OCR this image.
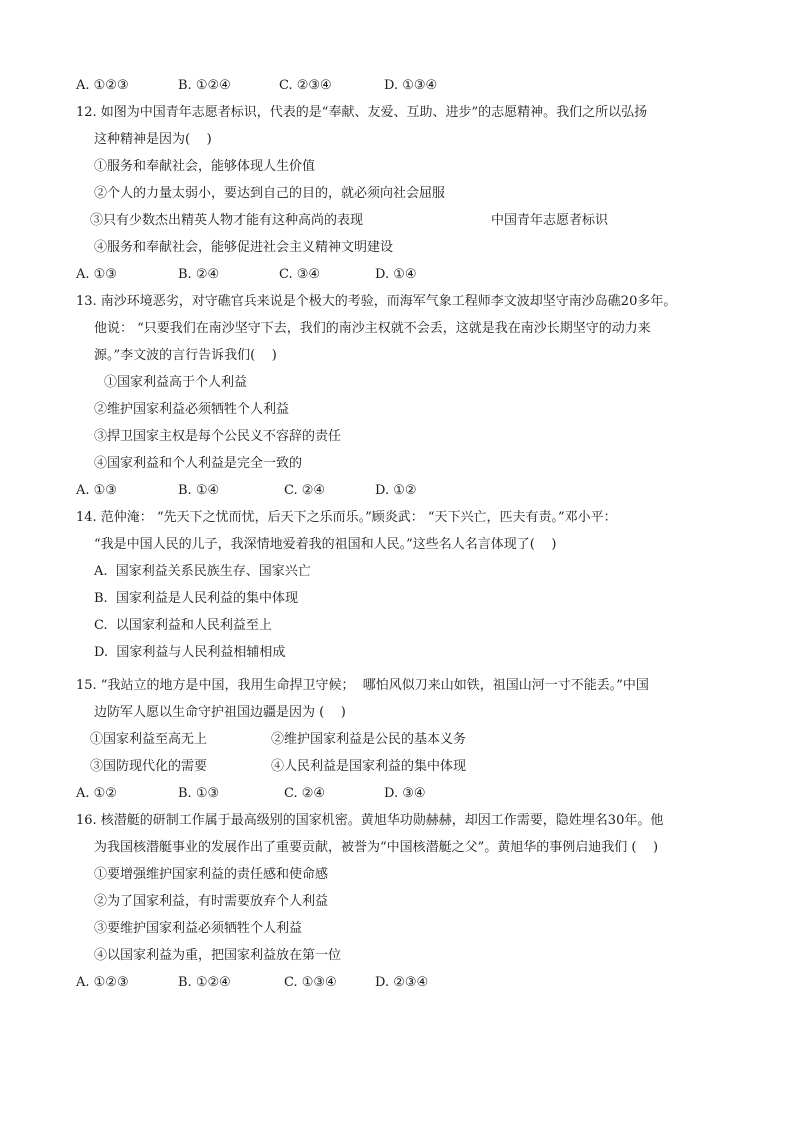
A. ①②③	B. ①②④	C. ②③④	D. ①③④
12. 如图为中国青年志愿者标识，代表的是“奉献、友爱、互助、进步”的志愿精神。我们之所以弘扬
这种精神是因为(    )
①服务和奉献社会，能够体现人生价值
②个人的力量太弱小，要达到自己的目的，就必须向社会屈服
③只有少数杰出精英人物才能有这种高尚的表现	中国青年志愿者标识
④服务和奉献社会，能够促进社会主义精神文明建设
A. ①③	B. ②④	C. ③④	D. ①④
13. 南沙环境恶劣，对守礁官兵来说是个极大的考验，而海军气象工程师李文波却坚守南沙岛礁20多年。
他说： “只要我们在南沙坚守下去，我们的南沙主权就不会丢，这就是我在南沙长期坚守的动力来
源。”李文波的言行告诉我们(    )
①国家利益高于个人利益
②维护国家利益必须牺牲个人利益
③捍卫国家主权是每个公民义不容辞的责任
④国家利益和个人利益是完全一致的
A. ①③	B. ①④	C. ②④	D. ①②
14. 范仲淹： “先天下之忧而忧，后天下之乐而乐。”顾炎武： “天下兴亡，匹夫有责。”邓小平：
“我是中国人民的儿子，我深情地爱着我的祖国和人民。”这些名人名言体现了(    )
A.  国家利益关系民族生存、国家兴亡
B.  国家利益是人民利益的集中体现
C.  以国家利益和人民利益至上
D.  国家利益与人民利益相辅相成
15. “我站立的地方是中国，我用生命捍卫守候；  哪怕风似刀来山如铁，祖国山河一寸不能丢。”中国
边防军人愿以生命守护祖国边疆是因为 (    )
①国家利益至高无上	②维护国家利益是公民的基本义务
③国防现代化的需要	④人民利益是国家利益的集中体现
A. ①②	B. ①③	C. ②④	D. ③④
16. 核潜艇的研制工作属于最高级别的国家机密。黄旭华功勋赫赫，却因工作需要，隐姓埋名30年。他
为我国核潜艇事业的发展作出了重要贡献，被誉为“中国核潜艇之父”。黄旭华的事例启迪我们 (    )
①要增强维护国家利益的责任感和使命感
②为了国家利益，有时需要放弃个人利益
③要维护国家利益必须牺牲个人利益
④以国家利益为重，把国家利益放在第一位
A. ①②③	B. ①②④	C. ①③④	D. ②③④
